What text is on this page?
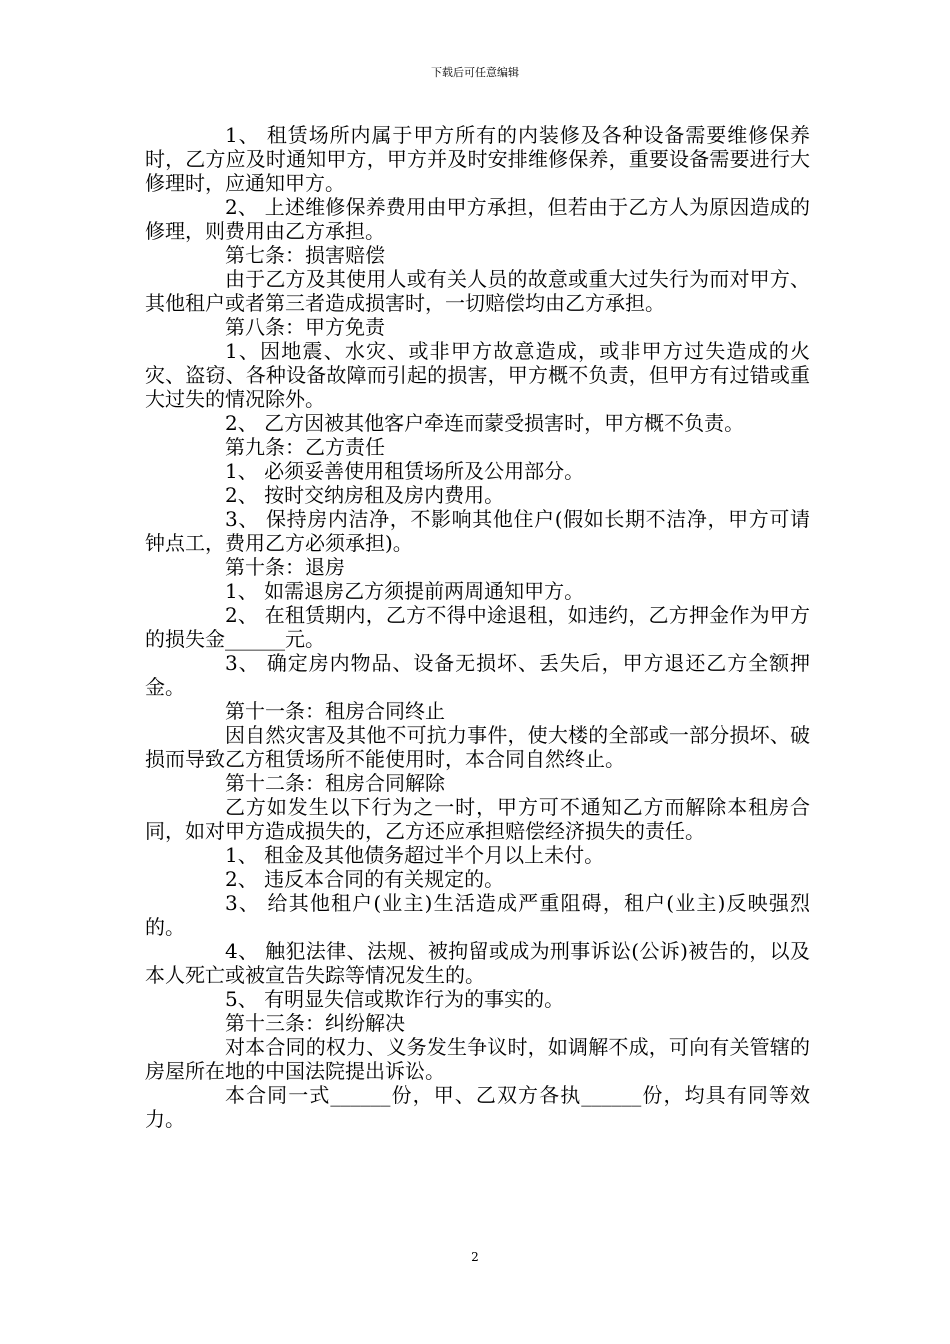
下载后可任意编辑

1、 租赁场所内属于甲方所有的内装修及各种设备需要维修保养时，乙方应及时通知甲方，甲方并及时安排维修保养，重要设备需要进行大修理时，应通知甲方。

2、 上述维修保养费用由甲方承担，但若由于乙方人为原因造成的修理，则费用由乙方承担。

第七条：损害赔偿

由于乙方及其使用人或有关人员的故意或重大过失行为而对甲方、其他租户或者第三者造成损害时，一切赔偿均由乙方承担。

第八条：甲方免责

1、因地震、水灾、或非甲方故意造成，或非甲方过失造成的火灾、盗窃、各种设备故障而引起的损害，甲方概不负责，但甲方有过错或重大过失的情况除外。

2、 乙方因被其他客户牵连而蒙受损害时，甲方概不负责。

第九条：乙方责任

1、 必须妥善使用租赁场所及公用部分。

2、 按时交纳房租及房内费用。

3、 保持房内洁净，不影响其他住户(假如长期不洁净，甲方可请钟点工，费用乙方必须承担)。

第十条：退房

1、 如需退房乙方须提前两周通知甲方。

2、 在租赁期内，乙方不得中途退租，如违约，乙方押金作为甲方的损失金______元。

3、 确定房内物品、设备无损坏、丢失后，甲方退还乙方全额押金。

第十一条：租房合同终止

因自然灾害及其他不可抗力事件，使大楼的全部或一部分损坏、破损而导致乙方租赁场所不能使用时，本合同自然终止。

第十二条：租房合同解除

乙方如发生以下行为之一时，甲方可不通知乙方而解除本租房合同，如对甲方造成损失的，乙方还应承担赔偿经济损失的责任。

1、 租金及其他债务超过半个月以上未付。

2、 违反本合同的有关规定的。

3、 给其他租户(业主)生活造成严重阻碍，租户(业主)反映强烈的。

4、 触犯法律、法规、被拘留或成为刑事诉讼(公诉)被告的，以及本人死亡或被宣告失踪等情况发生的。

5、 有明显失信或欺诈行为的事实的。

第十三条：纠纷解决

对本合同的权力、义务发生争议时，如调解不成，可向有关管辖的房屋所在地的中国法院提出诉讼。

本合同一式______份，甲、乙双方各执______份，均具有同等效力。

2
